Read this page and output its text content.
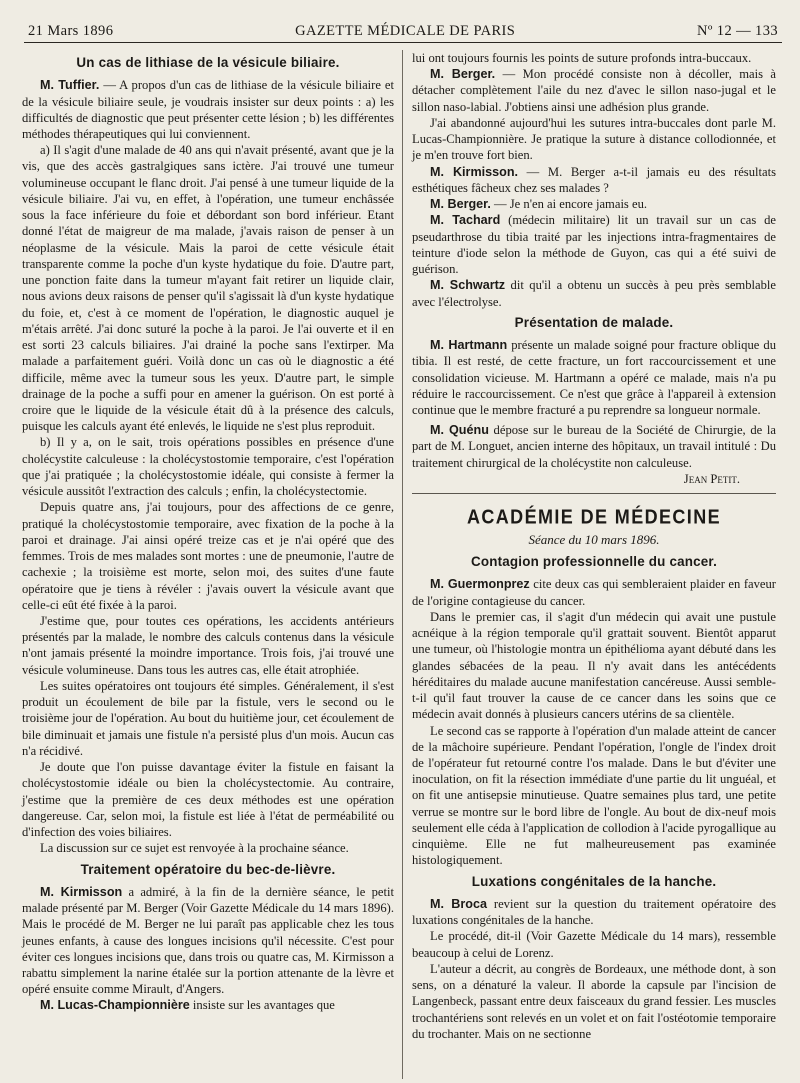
21 Mars 1896	GAZETTE MÉDICALE DE PARIS	Nº 12 — 133
Un cas de lithiase de la vésicule biliaire.

M. Tuffier. — A propos d'un cas de lithiase de la vésicule biliaire et de la vésicule biliaire seule, je voudrais insister sur deux points : a) les difficultés de diagnostic que peut présenter cette lésion ; b) les différentes méthodes thérapeutiques qui lui conviennent.

a) Il s'agit d'une malade de 40 ans qui n'avait présenté, avant que je la vis, que des accès gastralgiques sans ictère. J'ai trouvé une tumeur volumineuse occupant le flanc droit. J'ai pensé à une tumeur liquide de la vésicule biliaire. J'ai vu, en effet, à l'opération, une tumeur enchâssée sous la face inférieure du foie et débordant son bord inférieur. Etant donné l'état de maigreur de ma malade, j'avais raison de penser à un néoplasme de la vésicule. Mais la paroi de cette vésicule était transparente comme la poche d'un kyste hydatique du foie. D'autre part, une ponction faite dans la tumeur m'ayant fait retirer un liquide clair, nous avions deux raisons de penser qu'il s'agissait là d'un kyste hydatique du foie, et, c'est à ce moment de l'opération, le diagnostic auquel je m'étais arrêté. J'ai donc suturé la poche à la paroi. Je l'ai ouverte et il en est sorti 23 calculs biliaires. J'ai drainé la poche sans l'extirper. Ma malade a parfaitement guéri. Voilà donc un cas où le diagnostic a été difficile, même avec la tumeur sous les yeux. D'autre part, le simple drainage de la poche a suffi pour en amener la guérison. On est porté à croire que le liquide de la vésicule était dû à la présence des calculs, puisque les calculs ayant été enlevés, le liquide ne s'est plus reproduit.

b) Il y a, on le sait, trois opérations possibles en présence d'une cholécystite calculeuse : la cholécystostomie temporaire, c'est l'opération que j'ai pratiquée ; la cholécystostomie idéale, qui consiste à fermer la vésicule aussitôt l'extraction des calculs ; enfin, la cholécystectomie.

Depuis quatre ans, j'ai toujours, pour des affections de ce genre, pratiqué la cholécystostomie temporaire, avec fixation de la poche à la paroi et drainage. J'ai ainsi opéré treize cas et je n'ai opéré que des femmes. Trois de mes malades sont mortes : une de pneumonie, l'autre de cachexie ; la troisième est morte, selon moi, des suites d'une faute opératoire que je tiens à révéler : j'avais ouvert la vésicule avant que celle-ci eût été fixée à la paroi.

J'estime que, pour toutes ces opérations, les accidents antérieurs présentés par la malade, le nombre des calculs contenus dans la vésicule n'ont jamais présenté la moindre importance. Trois fois, j'ai trouvé une vésicule volumineuse. Dans tous les autres cas, elle était atrophiée.

Les suites opératoires ont toujours été simples. Généralement, il s'est produit un écoulement de bile par la fistule, vers le second ou le troisième jour de l'opération. Au bout du huitième jour, cet écoulement de bile diminuait et jamais une fistule n'a persisté plus d'un mois. Aucun cas n'a récidivé.

Je doute que l'on puisse davantage éviter la fistule en faisant la cholécystostomie idéale ou bien la cholécystectomie. Au contraire, j'estime que la première de ces deux méthodes est une opération dangereuse. Car, selon moi, la fistule est liée à l'état de perméabilité ou d'infection des voies biliaires.

La discussion sur ce sujet est renvoyée à la prochaine séance.

Traitement opératoire du bec-de-lièvre.

M. Kirmisson a admiré, à la fin de la dernière séance, le petit malade présenté par M. Berger (Voir Gazette Médicale du 14 mars 1896). Mais le procédé de M. Berger ne lui paraît pas applicable chez les tous jeunes enfants, à cause des longues incisions qu'il nécessite. C'est pour éviter ces longues incisions que, dans trois ou quatre cas, M. Kirmisson a rabattu simplement la narine étalée sur la portion attenante de la lèvre et opéré ensuite comme Mirault, d'Angers.

M. Lucas-Championnière insiste sur les avantages que

lui ont toujours fournis les points de suture profonds intra-buccaux.

M. Berger. — Mon procédé consiste non à décoller, mais à détacher complètement l'aile du nez d'avec le sillon naso-jugal et le sillon naso-labial. J'obtiens ainsi une adhésion plus grande.

J'ai abandonné aujourd'hui les sutures intra-buccales dont parle M. Lucas-Championnière. Je pratique la suture à distance collodionnée, et je m'en trouve fort bien.

M. Kirmisson. — M. Berger a-t-il jamais eu des résultats esthétiques fâcheux chez ses malades ?

M. Berger. — Je n'en ai encore jamais eu.

M. Tachard (médecin militaire) lit un travail sur un cas de pseudarthrose du tibia traité par les injections intra-fragmentaires de teinture d'iode selon la méthode de Guyon, cas qui a été suivi de guérison.

M. Schwartz dit qu'il a obtenu un succès à peu près semblable avec l'électrolyse.

Présentation de malade.

M. Hartmann présente un malade soigné pour fracture oblique du tibia. Il est resté, de cette fracture, un fort raccourcissement et une consolidation vicieuse. M. Hartmann a opéré ce malade, mais n'a pu réduire le raccourcissement. Ce n'est que grâce à l'appareil à extension continue que le membre fracturé a pu reprendre sa longueur normale.

M. Quénu dépose sur le bureau de la Société de Chirurgie, de la part de M. Longuet, ancien interne des hôpitaux, un travail intitulé : Du traitement chirurgical de la cholécystite non calculeuse.

Jean Petit.

ACADÉMIE DE MÉDECINE
Séance du 10 mars 1896.
Contagion professionnelle du cancer.

M. Guermonprez cite deux cas qui sembleraient plaider en faveur de l'origine contagieuse du cancer.

Dans le premier cas, il s'agit d'un médecin qui avait une pustule acnéique à la région temporale qu'il grattait souvent. Bientôt apparut une tumeur, où l'histologie montra un épithélioma ayant débuté dans les glandes sébacées de la peau. Il n'y avait dans les antécédents héréditaires du malade aucune manifestation cancéreuse. Aussi semble-t-il qu'il faut trouver la cause de ce cancer dans les soins que ce médecin avait donnés à plusieurs cancers utérins de sa clientèle.

Le second cas se rapporte à l'opération d'un malade atteint de cancer de la mâchoire supérieure. Pendant l'opération, l'ongle de l'index droit de l'opérateur fut retourné contre l'os malade. Dans le but d'éviter une inoculation, on fit la résection immédiate d'une partie du lit unguéal, et on fit une antisepsie minutieuse. Quatre semaines plus tard, une petite verrue se montre sur le bord libre de l'ongle. Au bout de dix-neuf mois seulement elle céda à l'application de collodion à l'acide pyrogallique au cinquième. Elle ne fut malheureusement pas examinée histologiquement.

Luxations congénitales de la hanche.

M. Broca revient sur la question du traitement opératoire des luxations congénitales de la hanche.

Le procédé, dit-il (Voir Gazette Médicale du 14 mars), ressemble beaucoup à celui de Lorenz.

L'auteur a décrit, au congrès de Bordeaux, une méthode dont, à son sens, on a dénaturé la valeur. Il aborde la capsule par l'incision de Langenbeck, passant entre deux faisceaux du grand fessier. Les muscles trochantériens sont relevés en un volet et on fait l'ostéotomie temporaire du trochanter. Mais on ne sectionne
